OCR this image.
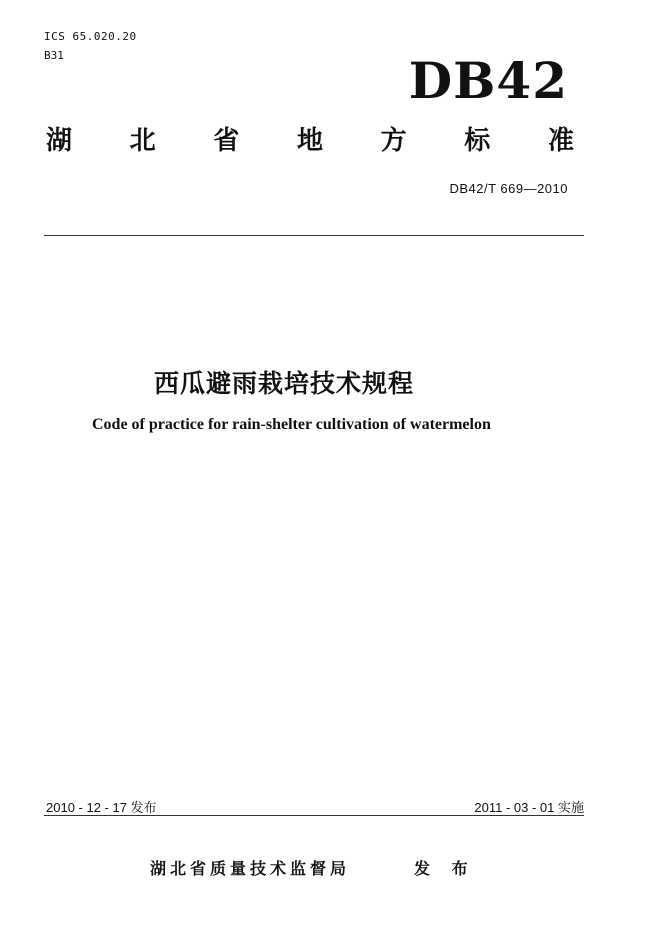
ICS 65.020.20
B31	DB42
湖 北 省 地 方 标 准
DB42/T 669—2010
西瓜避雨栽培技术规程
Code of practice for rain-shelter cultivation of watermelon
2010 - 12 - 17 发布	2011 - 03 - 01 实施
湖北省质量技术监督局	发 布
